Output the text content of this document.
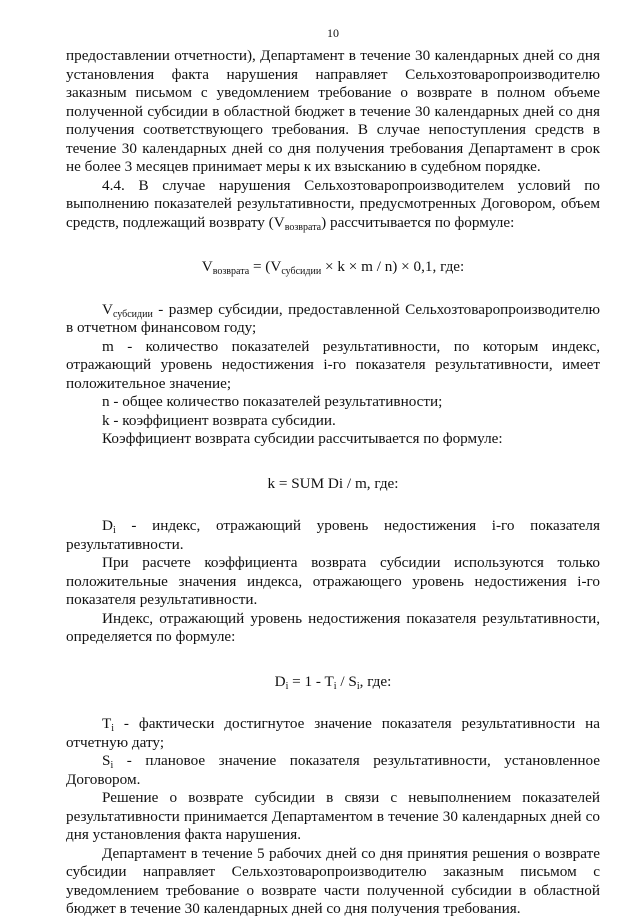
10

предоставлении отчетности), Департамент в течение 30 календарных дней со дня установления факта нарушения направляет Сельхозтоваропроизводителю заказным письмом с уведомлением требование о возврате в полном объеме полученной субсидии в областной бюджет в течение 30 календарных дней со дня получения соответствующего требования. В случае непоступления средств в течение 30 календарных дней со дня получения требования Департамент в срок не более 3 месяцев принимает меры к их взысканию в судебном порядке.

4.4. В случае нарушения Сельхозтоваропроизводителем условий по выполнению показателей результативности, предусмотренных Договором, объем средств, подлежащий возврату $(V_{возврата})$ рассчитывается по формуле:

$V_{возврата} = (V_{субсидии} \times k \times m / n) \times 0,1$, где:

$V_{субсидии}$ - размер субсидии, предоставленной Сельхозтоваропроизводителю в отчетном финансовом году;

m - количество показателей результативности, по которым индекс, отражающий уровень недостижения i-го показателя результативности, имеет положительное значение;

n - общее количество показателей результативности;

k - коэффициент возврата субсидии.

Коэффициент возврата субсидии рассчитывается по формуле:

k = SUM Di / m, где:

$D_i$ - индекс, отражающий уровень недостижения i-го показателя результативности.

При расчете коэффициента возврата субсидии используются только положительные значения индекса, отражающего уровень недостижения i-го показателя результативности.

Индекс, отражающий уровень недостижения показателя результативности, определяется по формуле:

$D_i = 1 - T_i / S_i$, где:

$T_i$ - фактически достигнутое значение показателя результативности на отчетную дату;

$S_i$ - плановое значение показателя результативности, установленное Договором.

Решение о возврате субсидии в связи с невыполнением показателей результативности принимается Департаментом в течение 30 календарных дней со дня установления факта нарушения.

Департамент в течение 5 рабочих дней со дня принятия решения о возврате субсидии направляет Сельхозтоваропроизводителю заказным письмом с уведомлением требование о возврате части полученной субсидии в областной бюджет в течение 30 календарных дней со дня получения требования.
